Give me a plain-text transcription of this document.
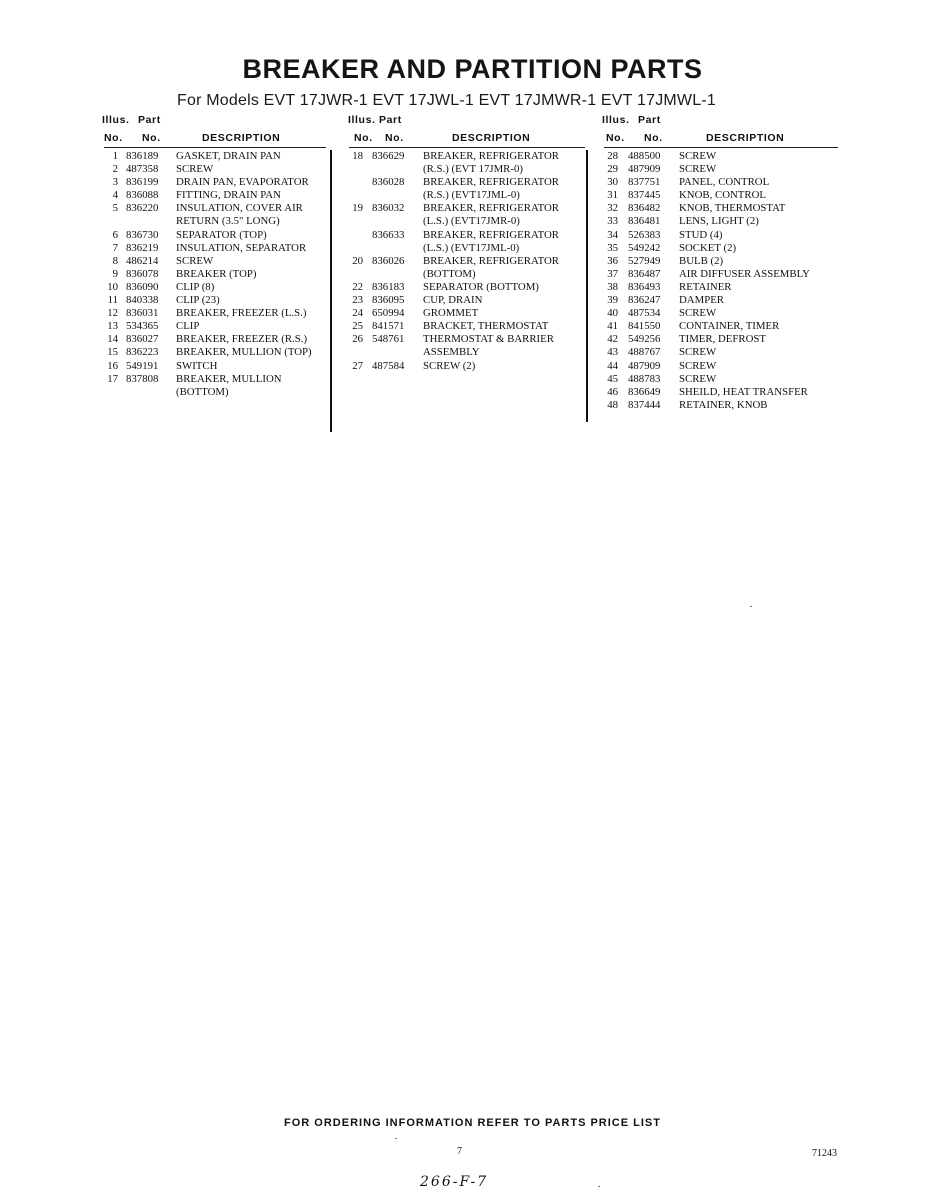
BREAKER AND PARTITION PARTS
For Models EVT 17JWR-1 EVT 17JWL-1 EVT 17JMWR-1 EVT 17JMWL-1
Illus. Part
No. No.	DESCRIPTION
1 836189 GASKET, DRAIN PAN
2 487358 SCREW
3 836199 DRAIN PAN, EVAPORATOR
4 836088 FITTING, DRAIN PAN
5 836220 INSULATION, COVER AIR
RETURN (3.5" LONG)
6 836730 SEPARATOR (TOP)
7 836219 INSULATION, SEPARATOR
8 486214 SCREW
9 836078 BREAKER (TOP)
10 836090 CLIP (8)
11 840338 CLIP (23)
12 836031 BREAKER, FREEZER (L.S.)
13 534365 CLIP
14 836027 BREAKER, FREEZER (R.S.)
15 836223 BREAKER, MULLION (TOP)
16 549191 SWITCH
17 837808 BREAKER, MULLION
(BOTTOM)
Illus. Part
No. No.	DESCRIPTION
18 836629 BREAKER, REFRIGERATOR
(R.S.) (EVT 17JMR-0)
836028 BREAKER, REFRIGERATOR
(R.S.) (EVT17JML-0)
19 836032 BREAKER, REFRIGERATOR
(L.S.) (EVT17JMR-0)
836633 BREAKER, REFRIGERATOR
(L.S.) (EVT17JML-0)
20 836026 BREAKER, REFRIGERATOR
(BOTTOM)
22 836183 SEPARATOR (BOTTOM)
23 836095 CUP, DRAIN
24 650994 GROMMET
25 841571 BRACKET, THERMOSTAT
26 548761 THERMOSTAT & BARRIER
ASSEMBLY
27 487584 SCREW (2)
Illus. Part
No. No.	DESCRIPTION
28 488500 SCREW
29 487909 SCREW
30 837751 PANEL, CONTROL
31 837445 KNOB, CONTROL
32 836482 KNOB, THERMOSTAT
33 836481 LENS, LIGHT (2)
34 526383 STUD (4)
35 549242 SOCKET (2)
36 527949 BULB (2)
37 836487 AIR DIFFUSER ASSEMBLY
38 836493 RETAINER
39 836247 DAMPER
40 487534 SCREW
41 841550 CONTAINER, TIMER
42 549256 TIMER, DEFROST
43 488767 SCREW
44 487909 SCREW
45 488783 SCREW
46 836649 SHEILD, HEAT TRANSFER
48 837444 RETAINER, KNOB
FOR ORDERING INFORMATION REFER TO PARTS PRICE LIST
7	71243
266-F-7
